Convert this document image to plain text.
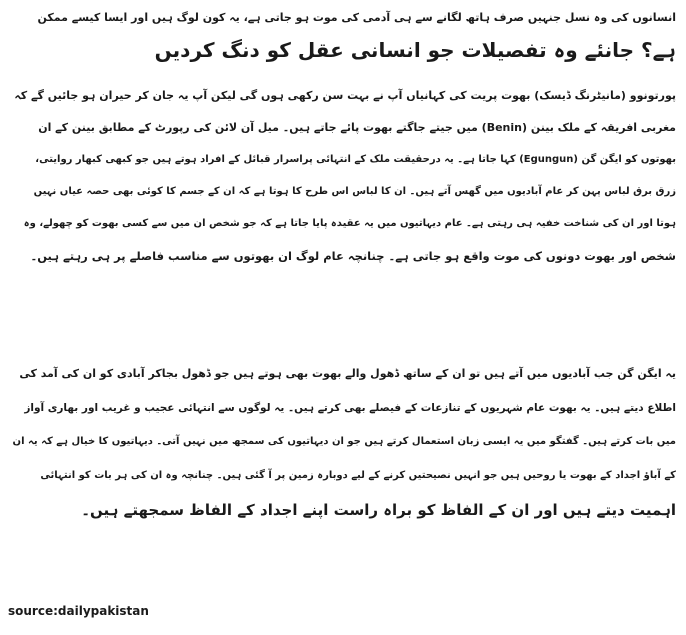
انسانوں کی وہ نسل جنہیں صرف ہاتھ لگانے سے ہی آدمی کی موت ہو جاتی ہے، یہ کون لوگ ہیں اور ایسا کیسے ممکن
ہے؟ جانئے وہ تفصیلات جو انسانی عقل کو دنگ کردیں
پورتونوو (مانیٹرنگ ڈیسک) بھوت پریت کی کہانیاں آپ نے بہت سن رکھی ہوں گی لیکن آپ یہ جان کر حیران ہو جائیں گے کہ
مغربی افریقہ کے ملک بینن (Benin) میں جیتے جاگتے بھوت پائے جاتے ہیں۔ میل آن لائن کی رپورٹ کے مطابق بینن کے ان
بھوتوں کو ایگن گن (Egungun) کہا جاتا ہے۔ یہ درحقیقت ملک کے انتہائی پراسرار قبائل کے افراد ہوتے ہیں جو کبھی کبھار روایتی،
زرق برق لباس پہن کر عام آبادیوں میں گھس آتے ہیں۔ ان کا لباس اس طرح کا ہوتا ہے کہ ان کے جسم کا کوئی بھی حصہ عیاں نہیں
ہوتا اور ان کی شناخت خفیہ ہی رہتی ہے۔ عام دیہاتیوں میں یہ عقیدہ پایا جاتا ہے کہ جو شخص ان میں سے کسی بھوت کو چھولے، وہ
شخص اور بھوت دونوں کی موت واقع ہو جاتی ہے۔ چنانچہ عام لوگ ان بھوتوں سے مناسب فاصلے پر ہی رہتے ہیں۔
یہ ایگن گن جب آبادیوں میں آتے ہیں تو ان کے ساتھ ڈھول والے بھوت بھی ہوتے ہیں جو ڈھول بجاکر آبادی کو ان کی آمد کی
اطلاع دیتے ہیں۔ یہ بھوت عام شہریوں کے تنازعات کے فیصلے بھی کرتے ہیں۔ یہ لوگوں سے انتہائی عجیب و غریب اور بھاری آواز
میں بات کرتے ہیں۔ گفتگو میں یہ ایسی زبان استعمال کرتے ہیں جو ان دیہاتیوں کی سمجھ میں نہیں آتی۔ دیہاتیوں کا خیال ہے کہ یہ ان
کے آباؤ اجداد کے بھوت یا روحیں ہیں جو انہیں نصیحتیں کرنے کے لیے دوبارہ زمین پر آ گئی ہیں۔ چنانچہ وہ ان کی ہر بات کو انتہائی
اہمیت دیتے ہیں اور ان کے الفاظ کو براہ راست اپنے اجداد کے الفاظ سمجھتے ہیں۔
source:dailypakistan
